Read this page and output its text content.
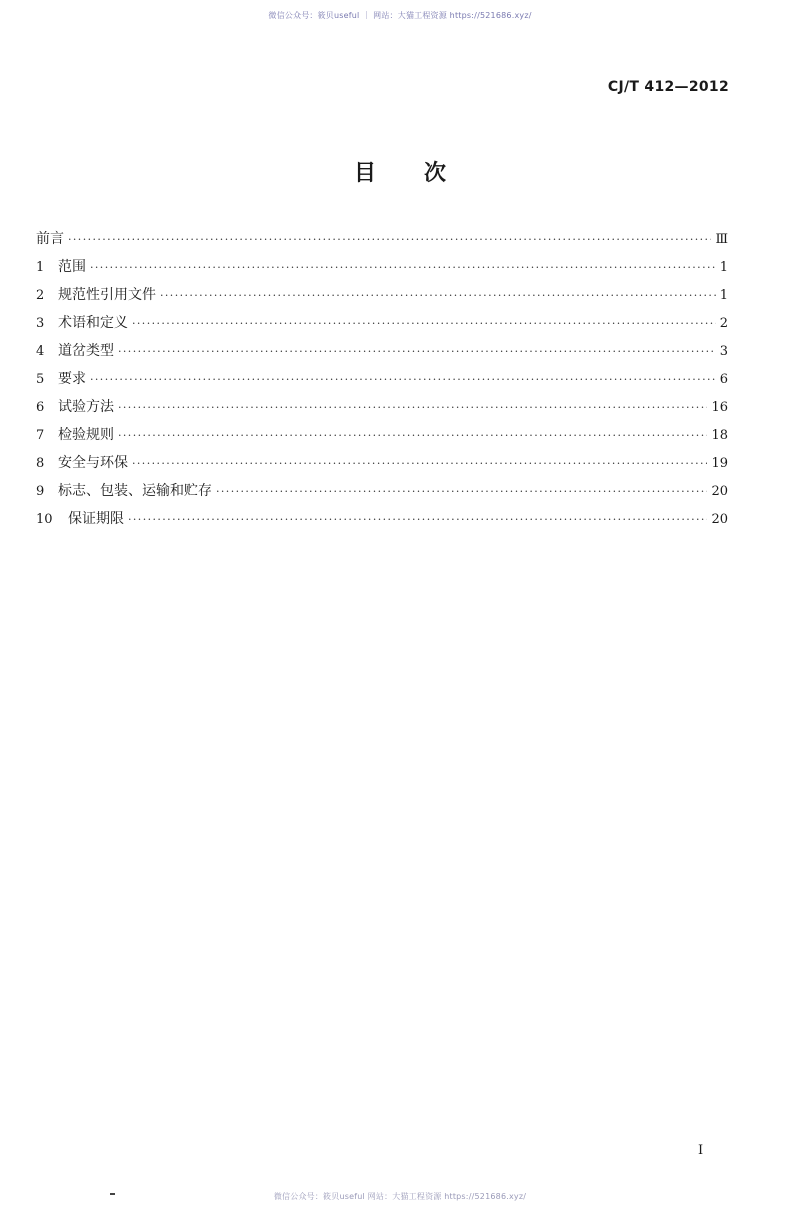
微信公众号：筱贝useful ｜ 网站：大猫工程资源 https://521686.xyz/
CJ/T 412—2012
目 次
前言 ·····	Ⅲ
1 范围 ·····	1
2 规范性引用文件 ·····	1
3 术语和定义 ·····	2
4 道岔类型 ·····	3
5 要求 ·····	6
6 试验方法 ·····	16
7 检验规则 ·····	18
8 安全与环保 ·····	19
9 标志、包装、运输和贮存 ·····	20
10	保证期限 ·····	20
I
微信公众号：筱贝useful 网站：大猫工程资源 https://521686.xyz/
